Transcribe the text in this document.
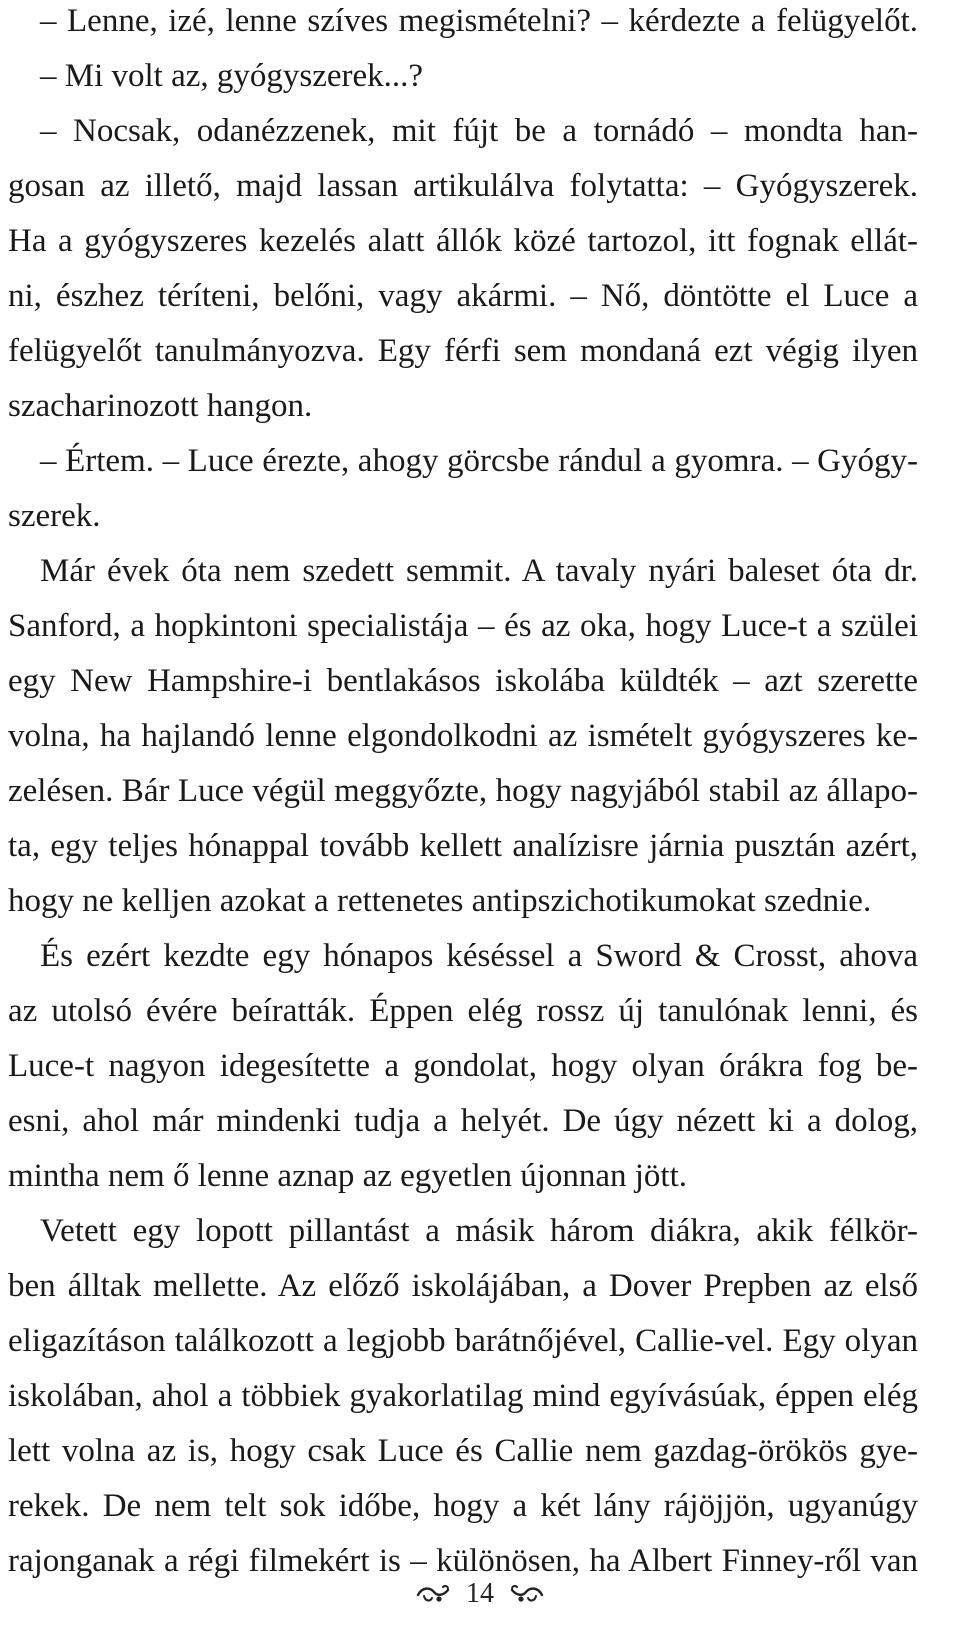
– Lenne, izé, lenne szíves megismételni? – kérdezte a felügyelőt.
– Mi volt az, gyógyszerek...?
– Nocsak, odanézzenek, mit fújt be a tornádó – mondta han-
gosan az illető, majd lassan artikulálva folytatta: – Gyógyszerek.
Ha a gyógyszeres kezelés alatt állók közé tartozol, itt fognak ellát-
ni, észhez téríteni, belőni, vagy akármi. – Nő, döntötte el Luce a
felügyelőt tanulmányozva. Egy férfi sem mondaná ezt végig ilyen
szacharinozott hangon.
– Értem. – Luce érezte, ahogy görcsbe rándul a gyomra. – Gyógy-
szerek.
Már évek óta nem szedett semmit. A tavaly nyári baleset óta dr.
Sanford, a hopkintoni specialistája – és az oka, hogy Luce-t a szülei
egy New Hampshire-i bentlakásos iskolába küldték – azt szerette
volna, ha hajlandó lenne elgondolkodni az ismételt gyógyszeres ke-
zelésen. Bár Luce végül meggyőzte, hogy nagyjából stabil az állapo-
ta, egy teljes hónappal tovább kellett analízisre járnia pusztán azért,
hogy ne kelljen azokat a rettenetes antipszichotikumokat szednie.
És ezért kezdte egy hónapos késéssel a Sword & Crosst, ahova
az utolsó évére beíratták. Éppen elég rossz új tanulónak lenni, és
Luce-t nagyon idegesítette a gondolat, hogy olyan órákra fog be-
esni, ahol már mindenki tudja a helyét. De úgy nézett ki a dolog,
mintha nem ő lenne aznap az egyetlen újonnan jött.
Vetett egy lopott pillantást a másik három diákra, akik félkör-
ben álltak mellette. Az előző iskolájában, a Dover Prepben az első
eligazításon találkozott a legjobb barátnőjével, Callie-vel. Egy olyan
iskolában, ahol a többiek gyakorlatilag mind egyívásúak, éppen elég
lett volna az is, hogy csak Luce és Callie nem gazdag-örökös gye-
rekek. De nem telt sok időbe, hogy a két lány rájöjjön, ugyanúgy
rajonganak a régi filmekért is – különösen, ha Albert Finney-ről van
14
